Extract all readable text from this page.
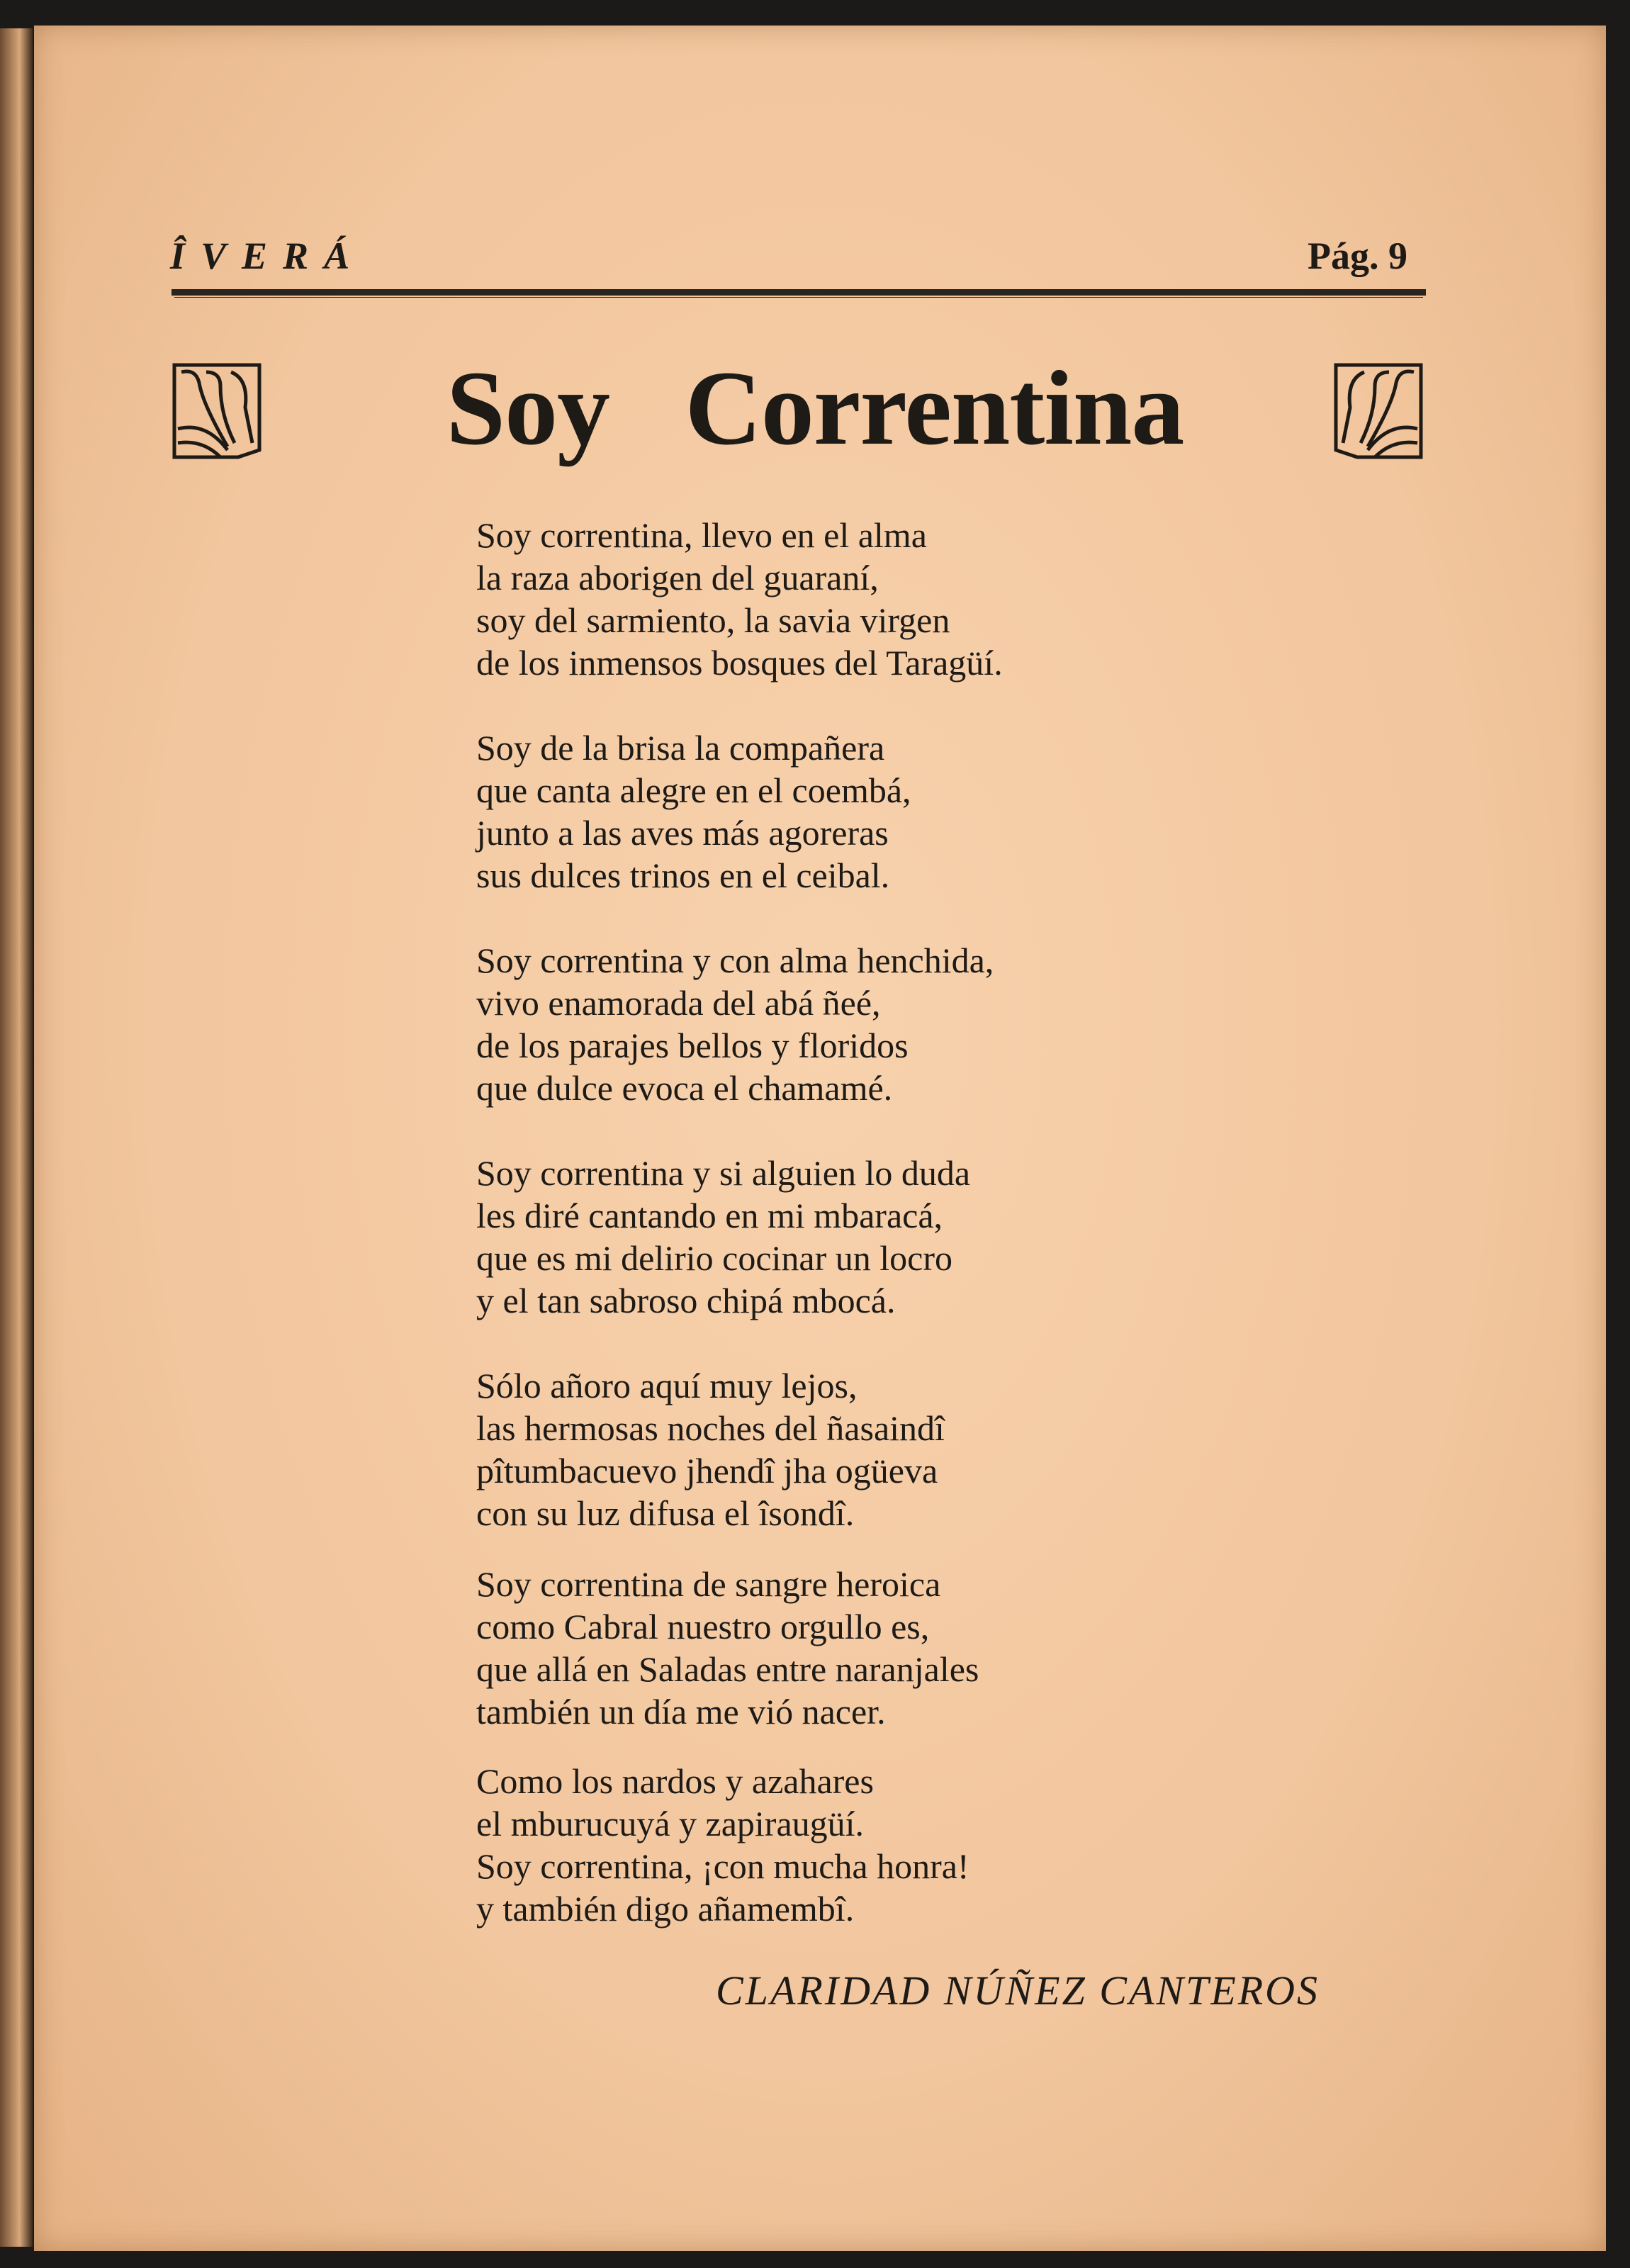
ÎVERÁ	Pág. 9
Soy Correntina
Soy correntina, llevo en el alma
la raza aborigen del guaraní,
soy del sarmiento, la savia virgen
de los inmensos bosques del Taragüí.
Soy de la brisa la compañera
que canta alegre en el coembá,
junto a las aves más agoreras
sus dulces trinos en el ceibal.
Soy correntina y con alma henchida,
vivo enamorada del abá ñeé,
de los parajes bellos y floridos
que dulce evoca el chamamé.
Soy correntina y si alguien lo duda
les diré cantando en mi mbaracá,
que es mi delirio cocinar un locro
y el tan sabroso chipá mbocá.
Sólo añoro aquí muy lejos,
las hermosas noches del ñasaindî
pîtumbacuevo jhendî jha ogüeva
con su luz difusa el îsondî.
Soy correntina de sangre heroica
como Cabral nuestro orgullo es,
que allá en Saladas entre naranjales
también un día me vió nacer.
Como los nardos y azahares
el mburucuyá y zapiraugüí.
Soy correntina, ¡con mucha honra!
y también digo añamembî.
CLARIDAD NÚÑEZ CANTEROS
